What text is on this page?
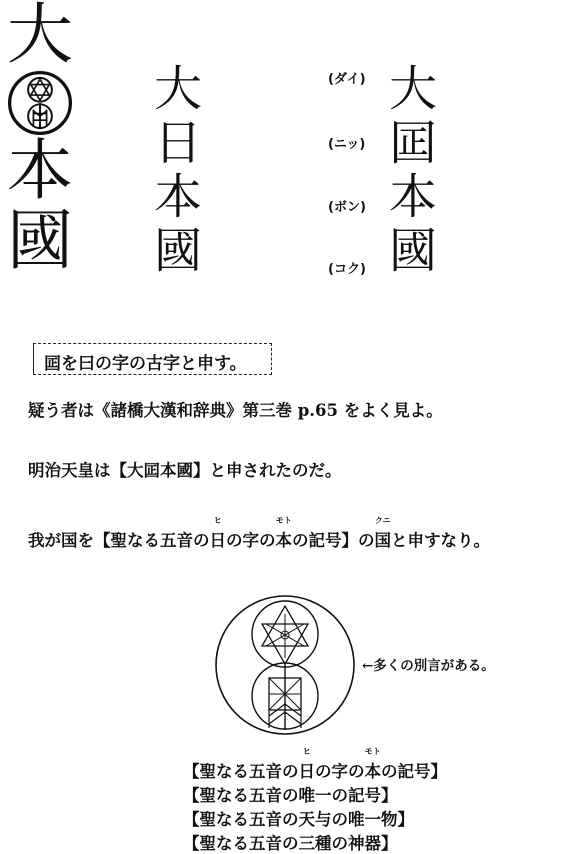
大
日
本
國
大
本
國
(ダイ)
(ニッ)
(ボン)
(コク)
大
囸
本
國
囸を曰の字の古字と申す。
疑う者は《諸橋大漢和辞典》第三巻 p.65 をよく見よ。
明治天皇は【大囸本國】と申されたのだ。
我が国を【聖なる五音の
ヒ
日の字の
モト
本の記号】の
クニ
国と申すなり。
←多くの別言がある。
【聖なる五音の
ヒ
日の字の
モト
本の記号】
【聖なる五音の唯一の記号】
【聖なる五音の天与の唯一物】
【聖なる五音の三種の神器】
